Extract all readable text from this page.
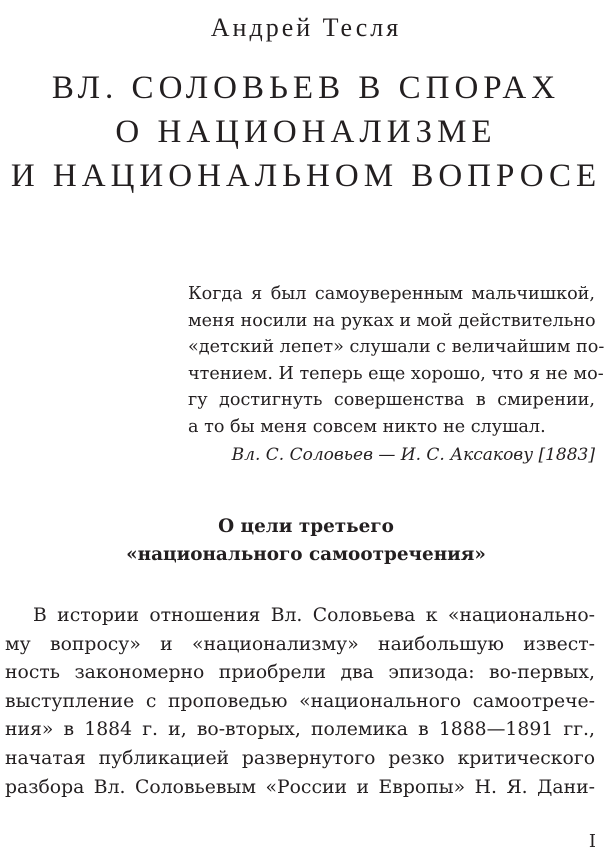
Андрей Тесля
ВЛ. СОЛОВЬЕВ В СПОРАХ
О НАЦИОНАЛИЗМЕ
И НАЦИОНАЛЬНОМ ВОПРОСЕ

Когда я был самоуверенным мальчишкой,
меня носили на руках и мой действительно
«детский лепет» слушали с величайшим по-
чтением. И теперь еще хорошо, что я не мо-
гу достигнуть совершенства в смирении,
а то бы меня совсем никто не слушал.

Вл. С. Соловьев — И. С. Аксакову [1883]

О цели третьего
«национального самоотречения»

В истории отношения Вл. Соловьева к «национально-
му вопросу» и «национализму» наибольшую извест-
ность закономерно приобрели два эпизода: во-первых,
выступление с проповедью «национального самоотрече-
ния» в 1884 г. и, во-вторых, полемика в 1888—1891 гг.,
начатая публикацией развернутого резко критического
разбора Вл. Соловьевым «России и Европы» Н. Я. Дани-

I
